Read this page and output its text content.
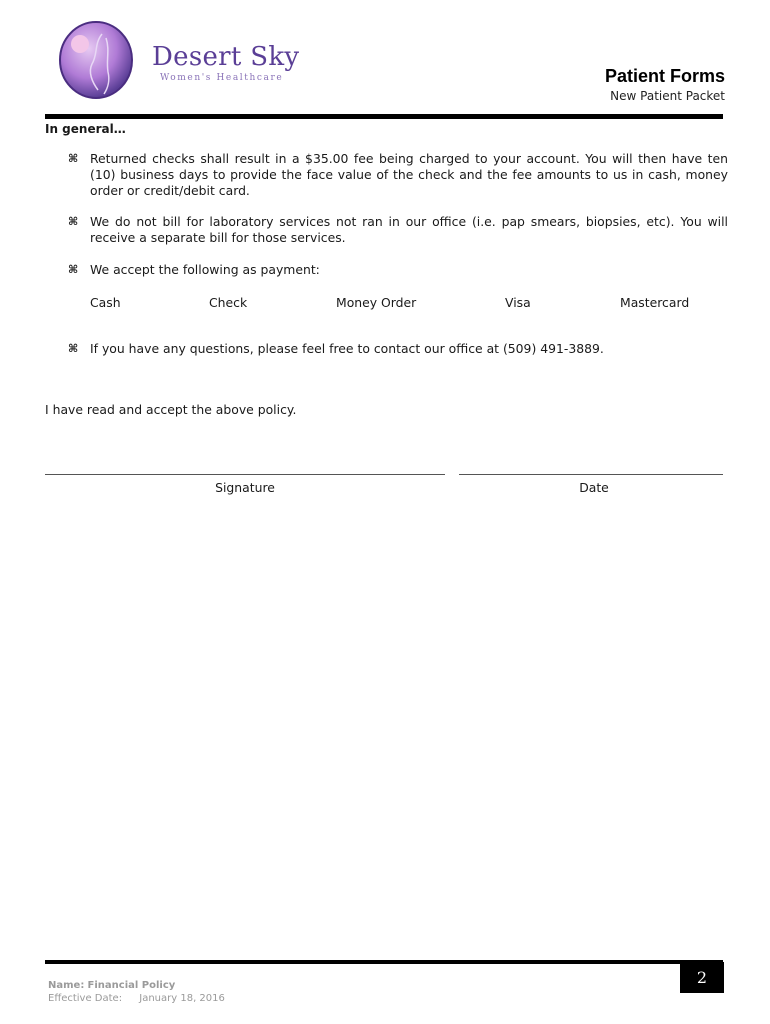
Desert Sky
Women's Healthcare	Patient Forms
New Patient Packet
In general…
⌘ Returned checks shall result in a $35.00 fee being charged to your account. You will then have ten (10) business days to provide the face value of the check and the fee amounts to us in cash, money order or credit/debit card.
⌘ We do not bill for laboratory services not ran in our office (i.e. pap smears, biopsies, etc). You will receive a separate bill for those services.
⌘ We accept the following as payment:
Cash	Check	Money Order	Visa	Mastercard
⌘ If you have any questions, please feel free to contact our office at (509) 491-3889.
I have read and accept the above policy.
Signature	Date
2
Name: Financial Policy
Effective Date: January 18, 2016
